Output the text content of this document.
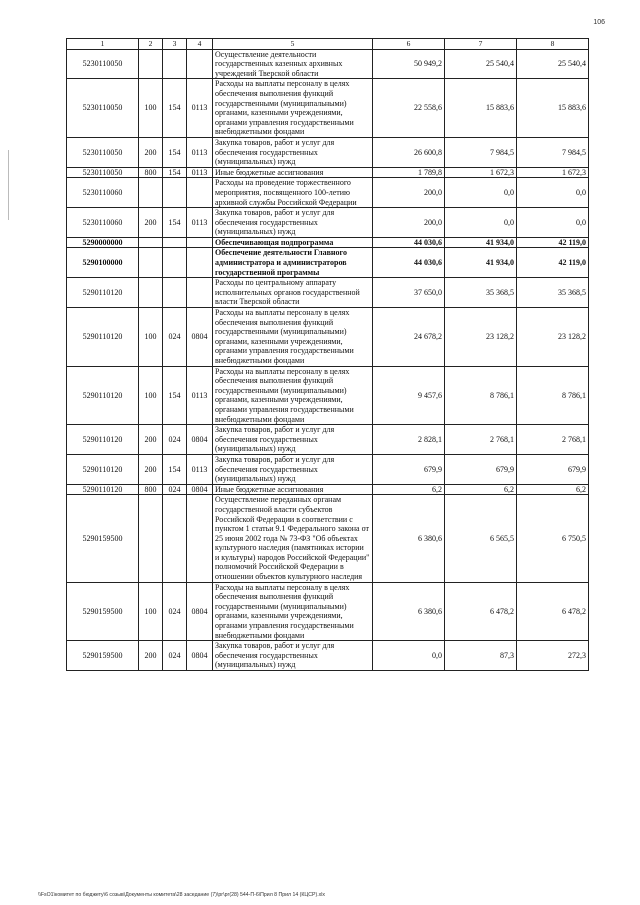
106
1	2	3	4	5	6	7	8
5230110050				Осуществление деятельности государственных казенных архивных учреждений Тверской области	50 949,2	25 540,4	25 540,4
5230110050	100	154	0113	Расходы на выплаты персоналу в целях обеспечения выполнения функций государственными (муниципальными) органами, казенными учреждениями, органами управления государственными внебюджетными фондами	22 558,6	15 883,6	15 883,6
5230110050	200	154	0113	Закупка товаров, работ и услуг для обеспечения государственных (муниципальных) нужд	26 600,8	7 984,5	7 984,5
5230110050	800	154	0113	Иные бюджетные ассигнования	1 789,8	1 672,3	1 672,3
5230110060				Расходы на проведение торжественного мероприятия, посвященного 100-летию архивной службы Российской Федерации	200,0	0,0	0,0
5230110060	200	154	0113	Закупка товаров, работ и услуг для обеспечения государственных (муниципальных) нужд	200,0	0,0	0,0
5290000000				Обеспечивающая подпрограмма	44 030,6	41 934,0	42 119,0
5290100000				Обеспечение деятельности Главного администратора и администраторов государственной программы	44 030,6	41 934,0	42 119,0
5290110120				Расходы по центральному аппарату исполнительных органов государственной власти Тверской области	37 650,0	35 368,5	35 368,5
5290110120	100	024	0804	Расходы на выплаты персоналу в целях обеспечения выполнения функций государственными (муниципальными) органами, казенными учреждениями, органами управления государственными внебюджетными фондами	24 678,2	23 128,2	23 128,2
5290110120	100	154	0113	Расходы на выплаты персоналу в целях обеспечения выполнения функций государственными (муниципальными) органами, казенными учреждениями, органами управления государственными внебюджетными фондами	9 457,6	8 786,1	8 786,1
5290110120	200	024	0804	Закупка товаров, работ и услуг для обеспечения государственных (муниципальных) нужд	2 828,1	2 768,1	2 768,1
5290110120	200	154	0113	Закупка товаров, работ и услуг для обеспечения государственных (муниципальных) нужд	679,9	679,9	679,9
5290110120	800	024	0804	Иные бюджетные ассигнования	6,2	6,2	6,2
5290159500				Осуществление переданных органам государственной власти субъектов Российской Федерации в соответствии с пунктом 1 статьи 9.1 Федерального закона от 25 июня 2002 года № 73-ФЗ "Об объектах культурного наследия (памятниках истории и культуры) народов Российской Федерации" полномочий Российской Федерации в отношении объектов культурного наследия	6 380,6	6 565,5	6 750,5
5290159500	100	024	0804	Расходы на выплаты персоналу в целях обеспечения выполнения функций государственными (муниципальными) органами, казенными учреждениями, органами управления государственными внебюджетными фондами	6 380,6	6 478,2	6 478,2
5290159500	200	024	0804	Закупка товаров, работ и услуг для обеспечения государственных (муниципальных) нужд	0,0	87,3	272,3
\\FsO1\комитет по бюджету\6 созыв\Документы комитета\28 заседание (7)\рг\рг(28) 544-П-6\Прил 8 Прил 14 (КЦСР).xlx
